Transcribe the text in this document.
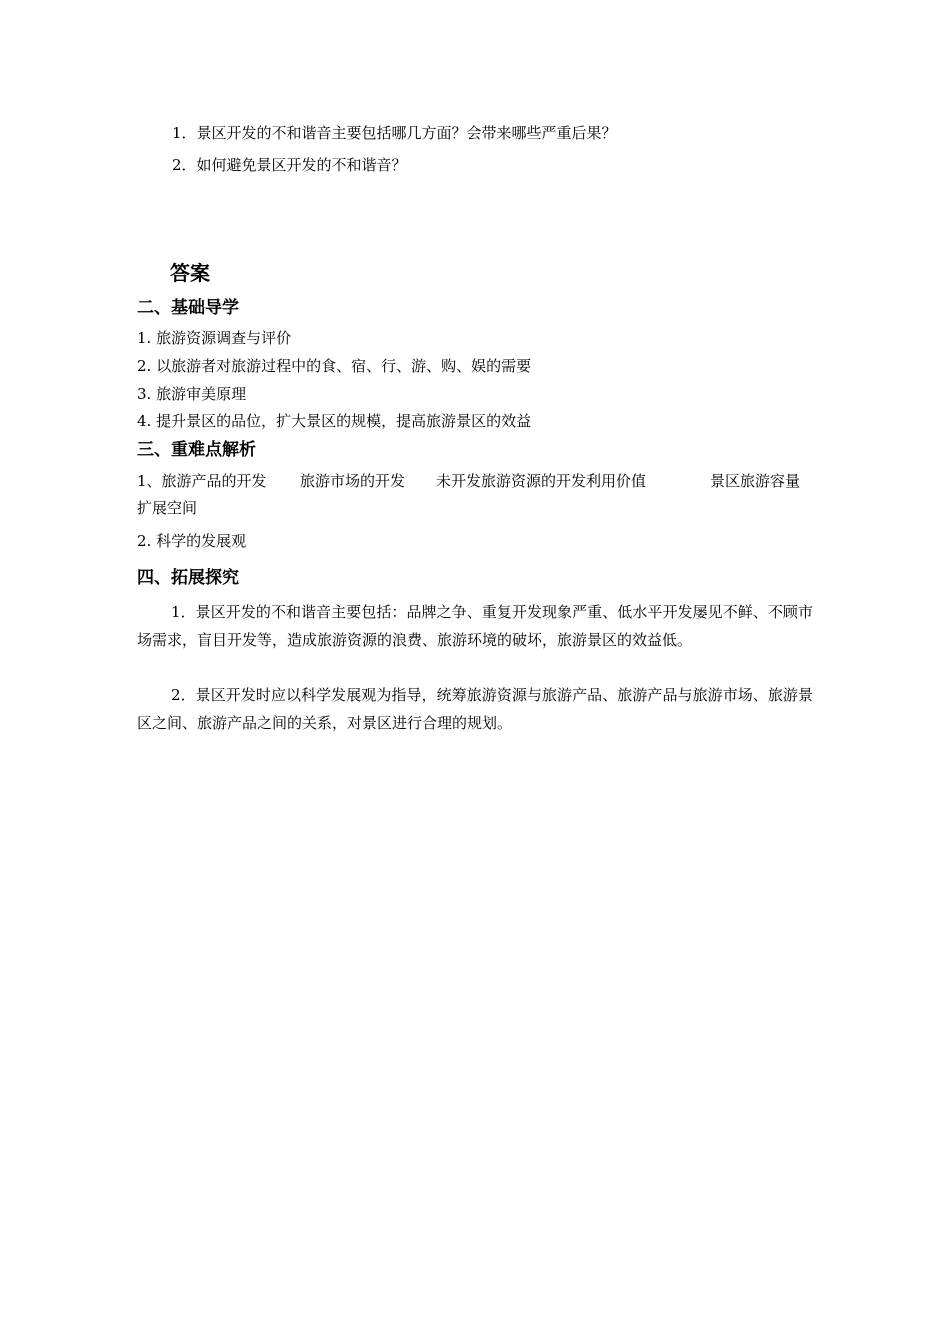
1．景区开发的不和谐音主要包括哪几方面？会带来哪些严重后果？
2．如何避免景区开发的不和谐音？
答案
二、基础导学
1. 旅游资源调查与评价
2. 以旅游者对旅游过程中的食、宿、行、游、购、娱的需要
3. 旅游审美原理
4. 提升景区的品位，扩大景区的规模，提高旅游景区的效益
三、重难点解析
1、旅游产品的开发 旅游市场的开发 未开发旅游资源的开发利用价值	景区旅游容量
扩展空间
2. 科学的发展观
四、拓展探究
1．景区开发的不和谐音主要包括：品牌之争、重复开发现象严重、低水平开发屡见不鲜、不顾市场需求，盲目开发等，造成旅游资源的浪费、旅游环境的破坏，旅游景区的效益低。
2．景区开发时应以科学发展观为指导，统筹旅游资源与旅游产品、旅游产品与旅游市场、旅游景区之间、旅游产品之间的关系，对景区进行合理的规划。
